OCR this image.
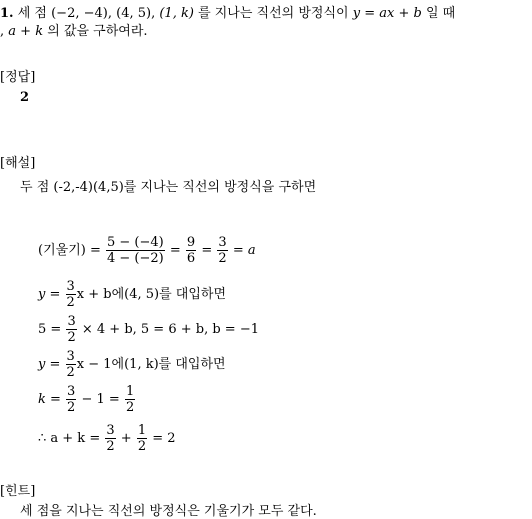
1. 세 점 (−2, −4), (4, 5), (1, k) 를 지나는 직선의 방정식이 y = ax + b 일 때
, a + k 의 값을 구하여라.
[정답]
2
[해설]
두 점 (-2,-4)(4,5)를 지나는 직선의 방정식을 구하면
(기울기) = $\frac{5 - (-4)}{4 - (-2)} = \frac{9}{6} = \frac{3}{2} = a$
$y = \frac{3}{2}$ x + b에(4, 5)를 대입하면
$5 = \frac{3}{2} \times 4 + b$, 5 = 6 + b, b = −1
$y = \frac{3}{2}$ x − 1에(1, k)를 대입하면
$k = \frac{3}{2} - 1 = \frac{1}{2}$
∴ $a + k = \frac{3}{2} + \frac{1}{2} = 2$
[힌트]
세 점을 지나는 직선의 방정식은 기울기가 모두 같다.
